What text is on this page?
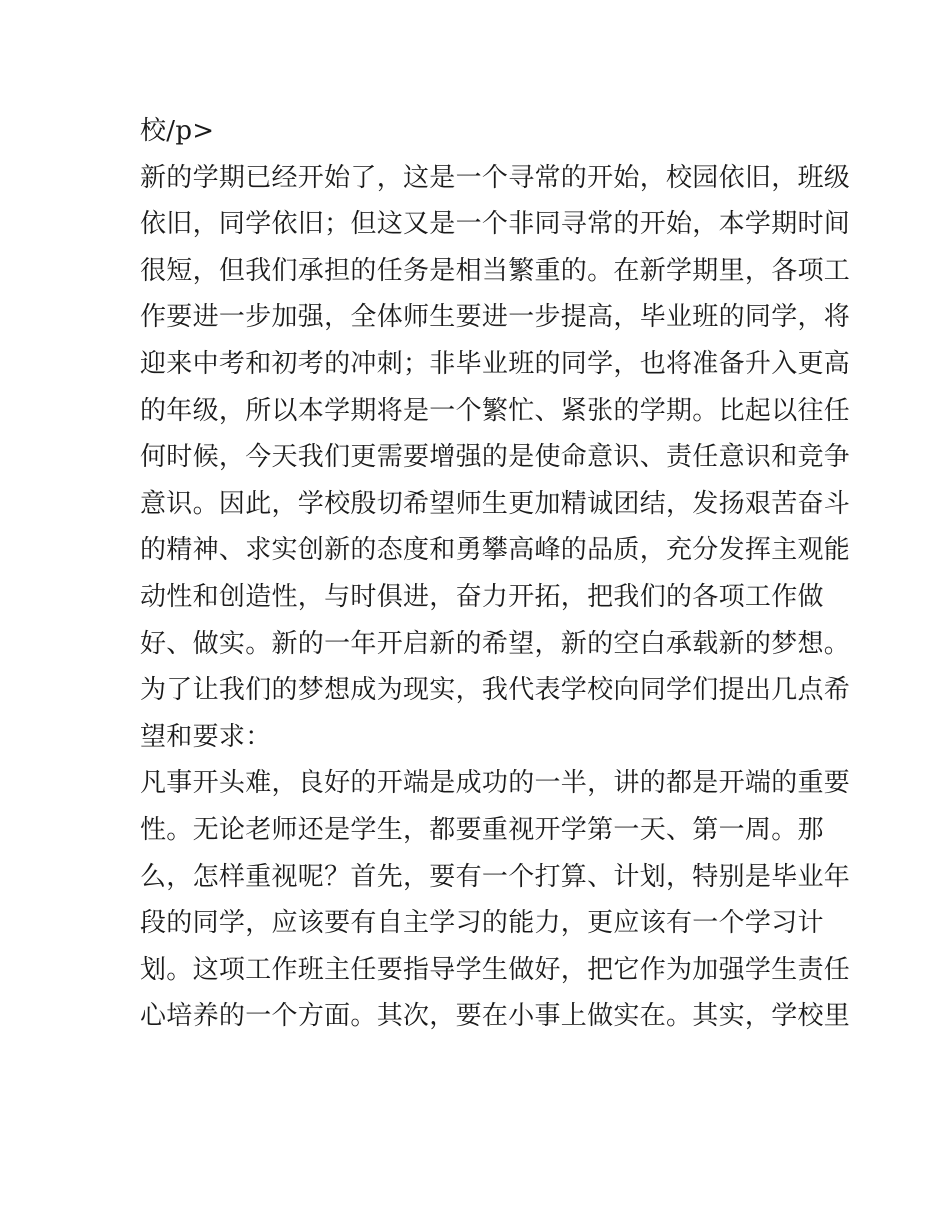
校/p>
新的学期已经开始了，这是一个寻常的开始，校园依旧，班级
依旧，同学依旧；但这又是一个非同寻常的开始，本学期时间
很短，但我们承担的任务是相当繁重的。在新学期里，各项工
作要进一步加强，全体师生要进一步提高，毕业班的同学，将
迎来中考和初考的冲刺；非毕业班的同学，也将准备升入更高
的年级，所以本学期将是一个繁忙、紧张的学期。比起以往任
何时候，今天我们更需要增强的是使命意识、责任意识和竞争
意识。因此，学校殷切希望师生更加精诚团结，发扬艰苦奋斗
的精神、求实创新的态度和勇攀高峰的品质，充分发挥主观能
动性和创造性，与时俱进，奋力开拓，把我们的各项工作做
好、做实。新的一年开启新的希望，新的空白承载新的梦想。
为了让我们的梦想成为现实，我代表学校向同学们提出几点希
望和要求：
凡事开头难，良好的开端是成功的一半，讲的都是开端的重要
性。无论老师还是学生，都要重视开学第一天、第一周。那
么，怎样重视呢？首先，要有一个打算、计划，特别是毕业年
段的同学，应该要有自主学习的能力，更应该有一个学习计
划。这项工作班主任要指导学生做好，把它作为加强学生责任
心培养的一个方面。其次，要在小事上做实在。其实，学校里
